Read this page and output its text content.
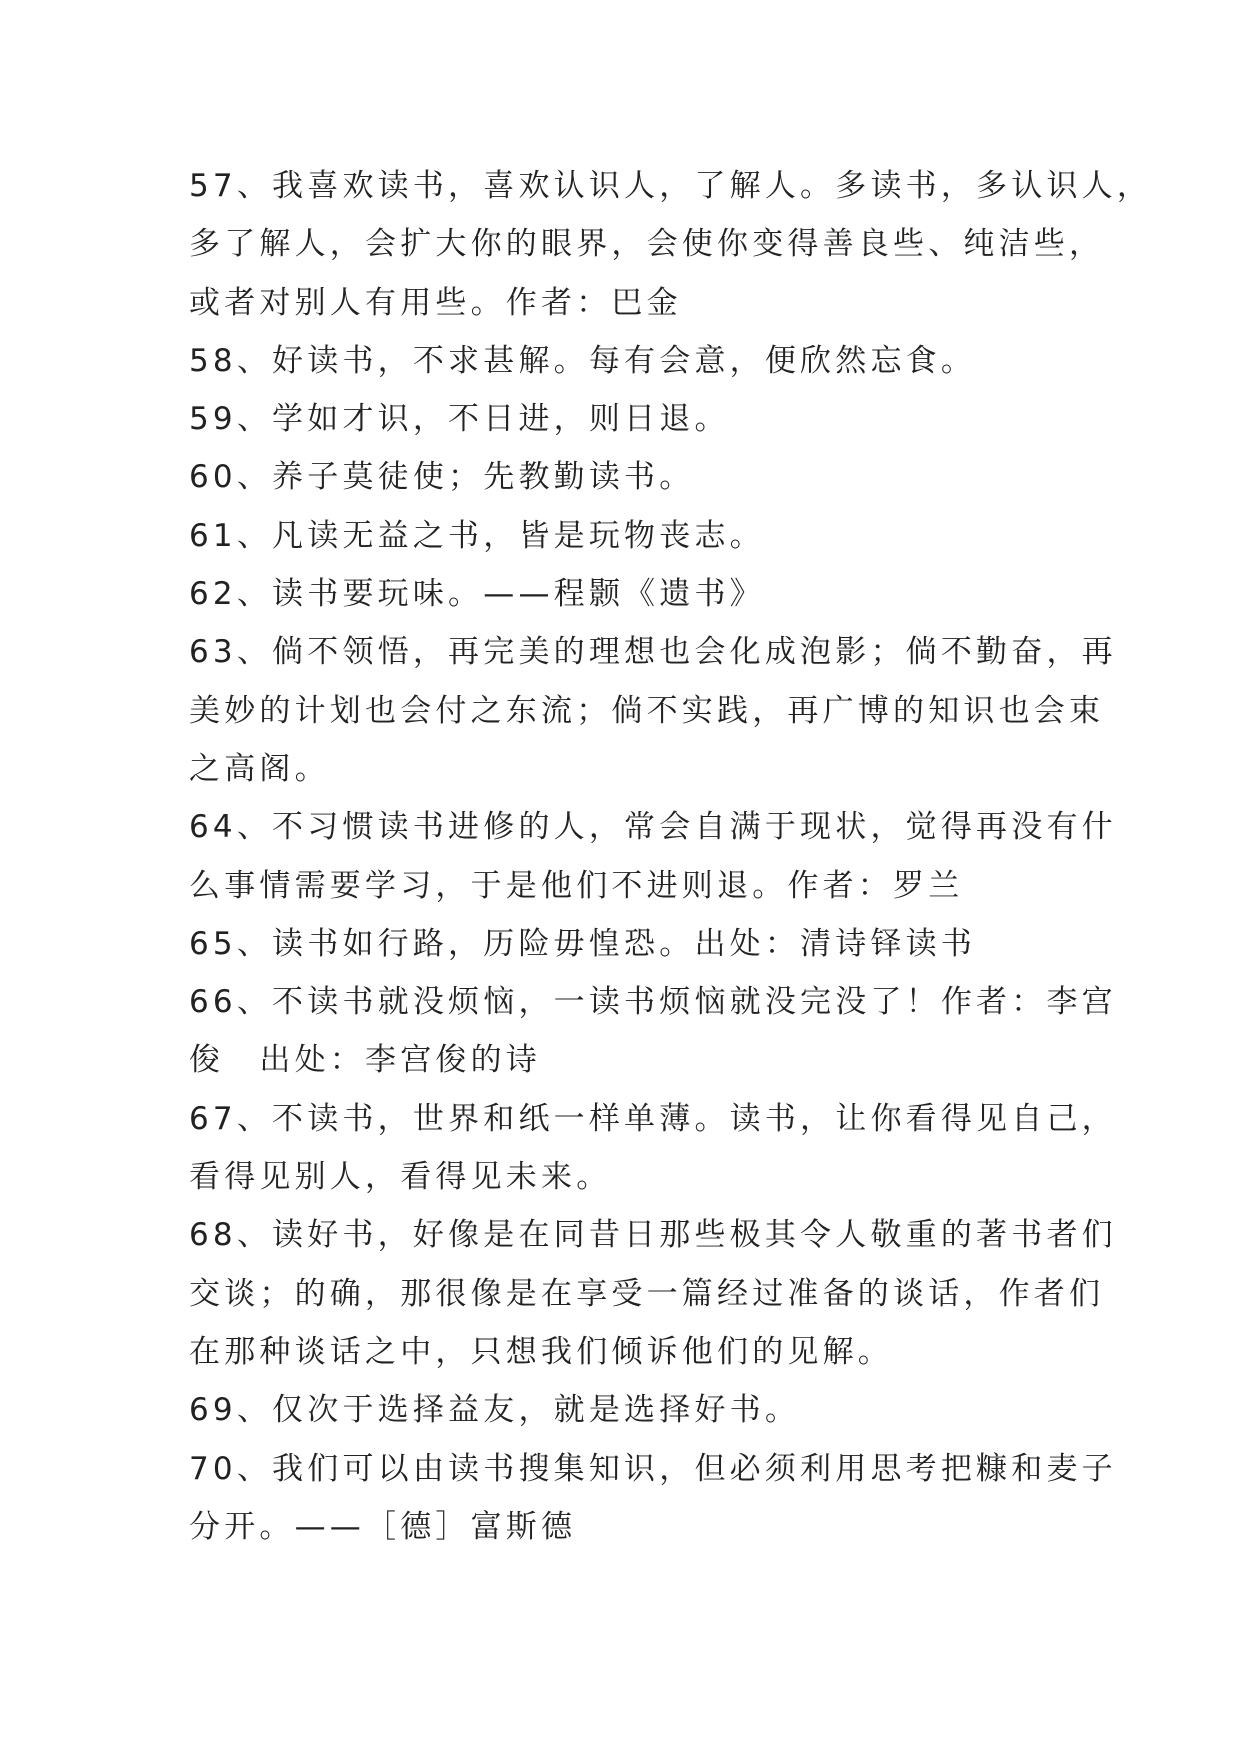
57、我喜欢读书，喜欢认识人，了解人。多读书，多认识人，
多了解人，会扩大你的眼界，会使你变得善良些、纯洁些，
或者对别人有用些。作者：巴金
58、好读书，不求甚解。每有会意，便欣然忘食。
59、学如才识，不日进，则日退。
60、养子莫徒使；先教勤读书。
61、凡读无益之书，皆是玩物丧志。
62、读书要玩味。——程颢《遗书》
63、倘不领悟，再完美的理想也会化成泡影；倘不勤奋，再
美妙的计划也会付之东流；倘不实践，再广博的知识也会束
之高阁。
64、不习惯读书进修的人，常会自满于现状，觉得再没有什
么事情需要学习，于是他们不进则退。作者：罗兰
65、读书如行路，历险毋惶恐。出处：清诗铎读书
66、不读书就没烦恼，一读书烦恼就没完没了！作者：李宫
俊　出处：李宫俊的诗
67、不读书，世界和纸一样单薄。读书，让你看得见自己，
看得见别人，看得见未来。
68、读好书，好像是在同昔日那些极其令人敬重的著书者们
交谈；的确，那很像是在享受一篇经过准备的谈话，作者们
在那种谈话之中，只想我们倾诉他们的见解。
69、仅次于选择益友，就是选择好书。
70、我们可以由读书搜集知识，但必须利用思考把糠和麦子
分开。——［德］富斯德
